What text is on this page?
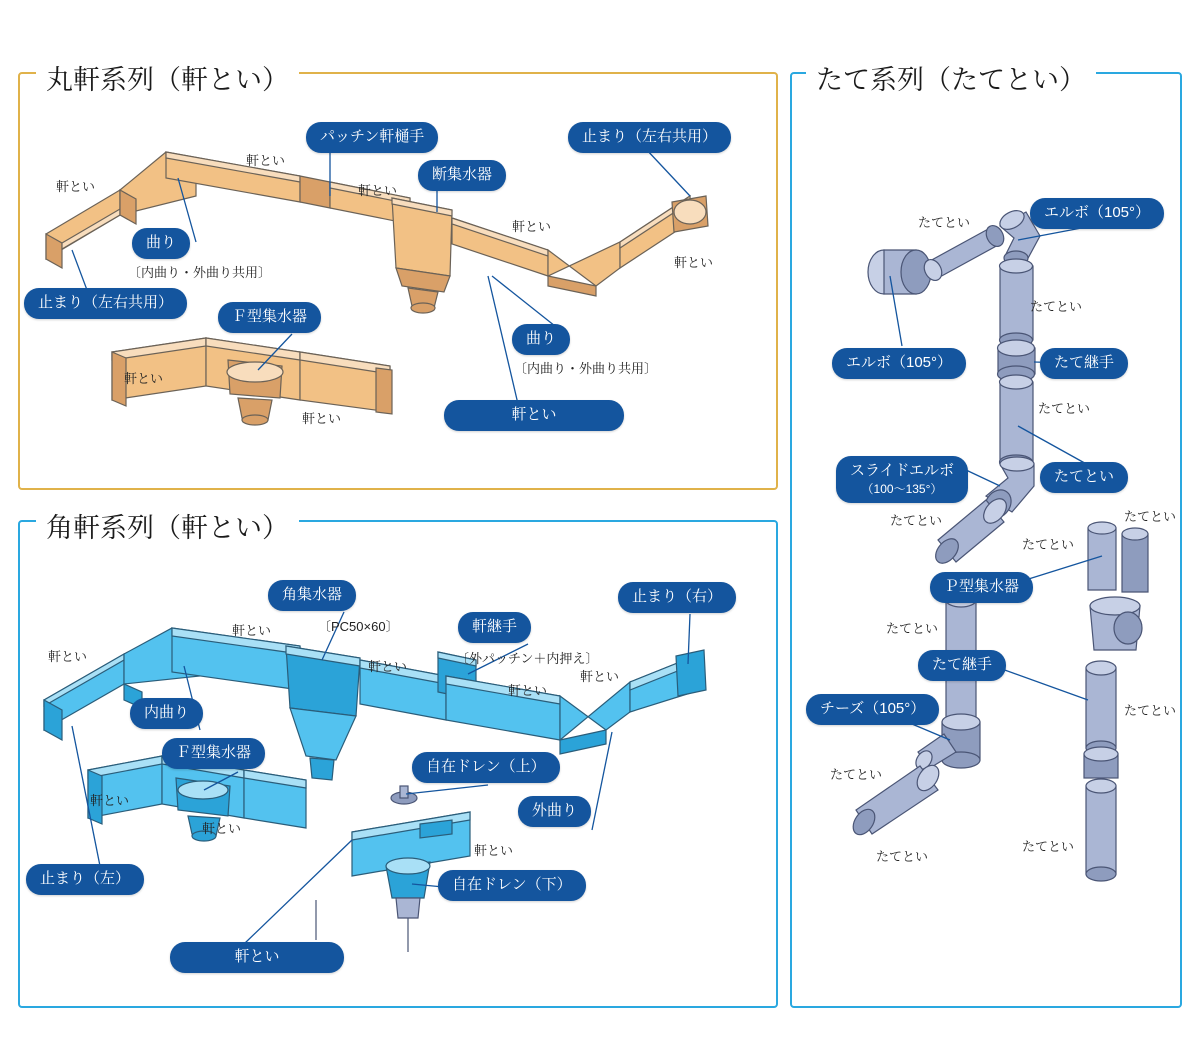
丸軒系列（軒とい）
角軒系列（軒とい）
たて系列（たてとい）
パッチン軒樋手
断集水器
止まり（左右共用）
曲り
〔内曲り・外曲り共用〕
曲り
〔内曲り・外曲り共用〕
止まり（左右共用）
Ｆ型集水器
軒とい
軒とい
軒とい
軒とい
軒とい
軒とい
軒とい
軒とい
角集水器
〔PC50×60〕	軒継手
〔外パッチン＋内押え〕
止まり（右）
内曲り
Ｆ型集水器
自在ドレン（上）
外曲り
止まり（左）	自在ドレン（下）
軒とい
軒とい
軒とい
軒とい
軒とい
軒とい
軒とい
軒とい
軒とい
エルボ（105°）
エルボ（105°）	たて継手
スライドエルボ
（100〜135°）
たてとい
Ｐ型集水器
たて継手
チーズ（105°）
たてとい
たてとい
たてとい
たてとい
たてとい
たてとい
たてとい
たてとい
たてとい
たてとい
たてとい
